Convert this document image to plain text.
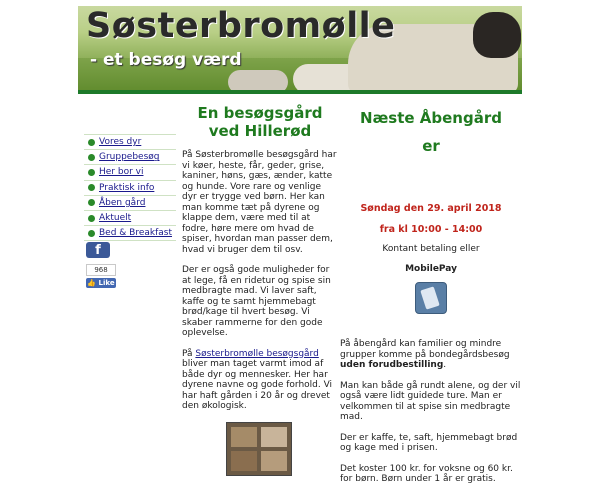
Søsterbromølle
- et besøg værd
Vores dyr
Gruppebesøg
Her bor vi
Praktisk info
Åben gård
Aktuelt
Bed & Breakfast
f
968
👍 Like
En besøgsgård ved Hillerød

På Søsterbromølle besøgsgård har vi køer, heste, får, geder, grise, kaniner, høns, gæs, ænder, katte og hunde. Vore rare og venlige dyr er trygge ved børn. Her kan man komme tæt på dyrene og klappe dem, være med til at fodre, høre mere om hvad de spiser, hvordan man passer dem, hvad vi bruger dem til osv.

Der er også gode muligheder for at lege, få en ridetur og spise sin medbragte mad. Vi laver saft, kaffe og te samt hjemmebagt brød/kage til hvert besøg. Vi skaber rammerne for den gode oplevelse.

På Søsterbromølle besøgsgård bliver man taget varmt imod af både dyr og mennesker. Her har dyrene navne og gode forhold. Vi har haft gården i 20 år og drevet den økologisk.

Næste Åbengård
er
Søndag den 29. april 2018
fra kl 10:00 - 14:00
Kontant betaling eller
MobilePay

På åbengård kan familier og mindre grupper komme på bondegårdsbesøg uden forudbestilling.

Man kan både gå rundt alene, og der vil også være lidt guidede ture. Man er velkommen til at spise sin medbragte mad.

Der er kaffe, te, saft, hjemmebagt brød og kage med i prisen.

Det koster 100 kr. for voksne og 60 kr. for børn. Børn under 1 år er gratis.
